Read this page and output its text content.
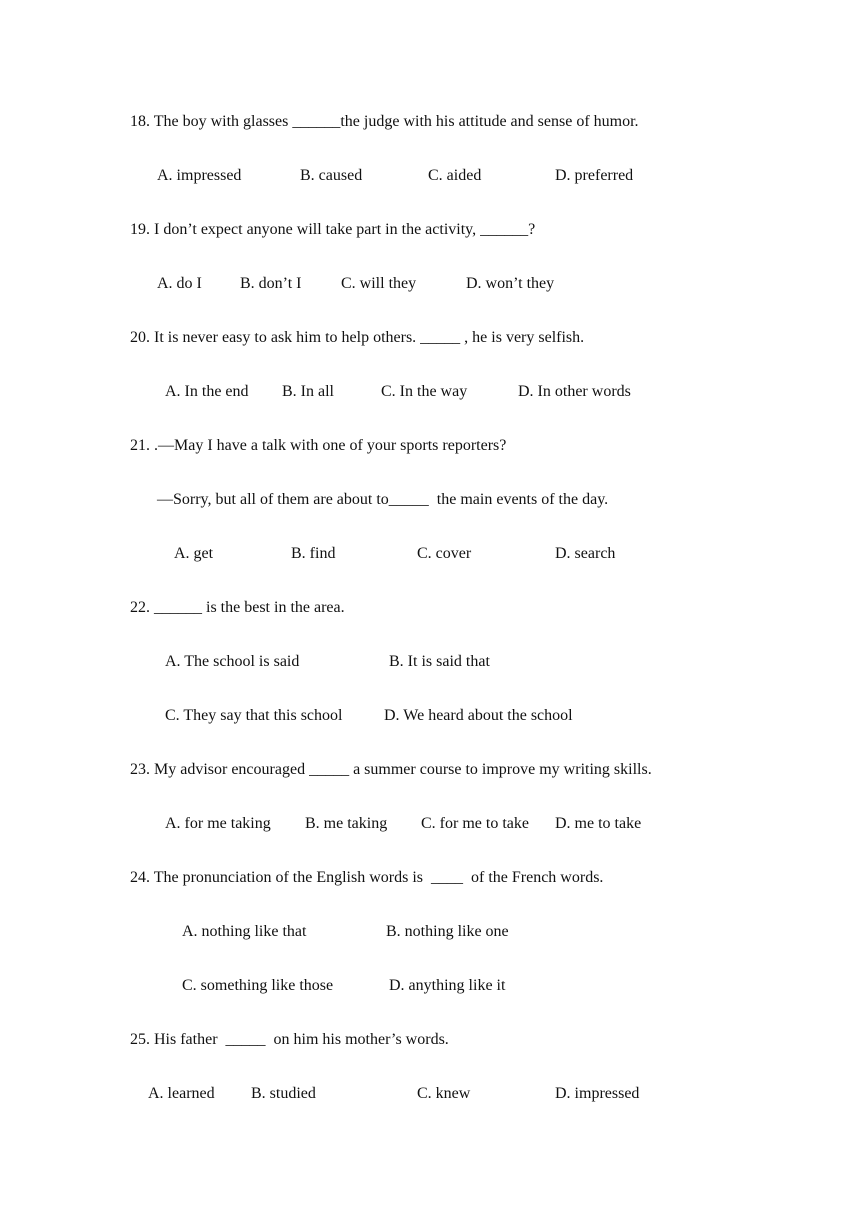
18. The boy with glasses ______the judge with his attitude and sense of humor.
A. impressed	B. caused	C. aided	D. preferred
19. I don’t expect anyone will take part in the activity, ______?
A. do I B. don’t I C. will they	D. won’t they
20. It is never easy to ask him to help others. _____ , he is very selfish.
A. In the end B. In all	C. In the way	D. In other words
21. .—May I have a talk with one of your sports reporters?
—Sorry, but all of them are about to_____  the main events of the day.
A. get	B. find	C. cover	D. search
22. ______ is the best in the area.
A. The school is said	B. It is said that
C. They say that this school	D. We heard about the school
23. My advisor encouraged _____ a summer course to improve my writing skills.
A. for me taking B. me taking C. for me to take D. me to take
24. The pronunciation of the English words is  ____  of the French words.
A. nothing like that	B. nothing like one
C. something like those	D. anything like it
25. His father  _____  on him his mother’s words.
A. learned B. studied	C. knew	D. impressed
